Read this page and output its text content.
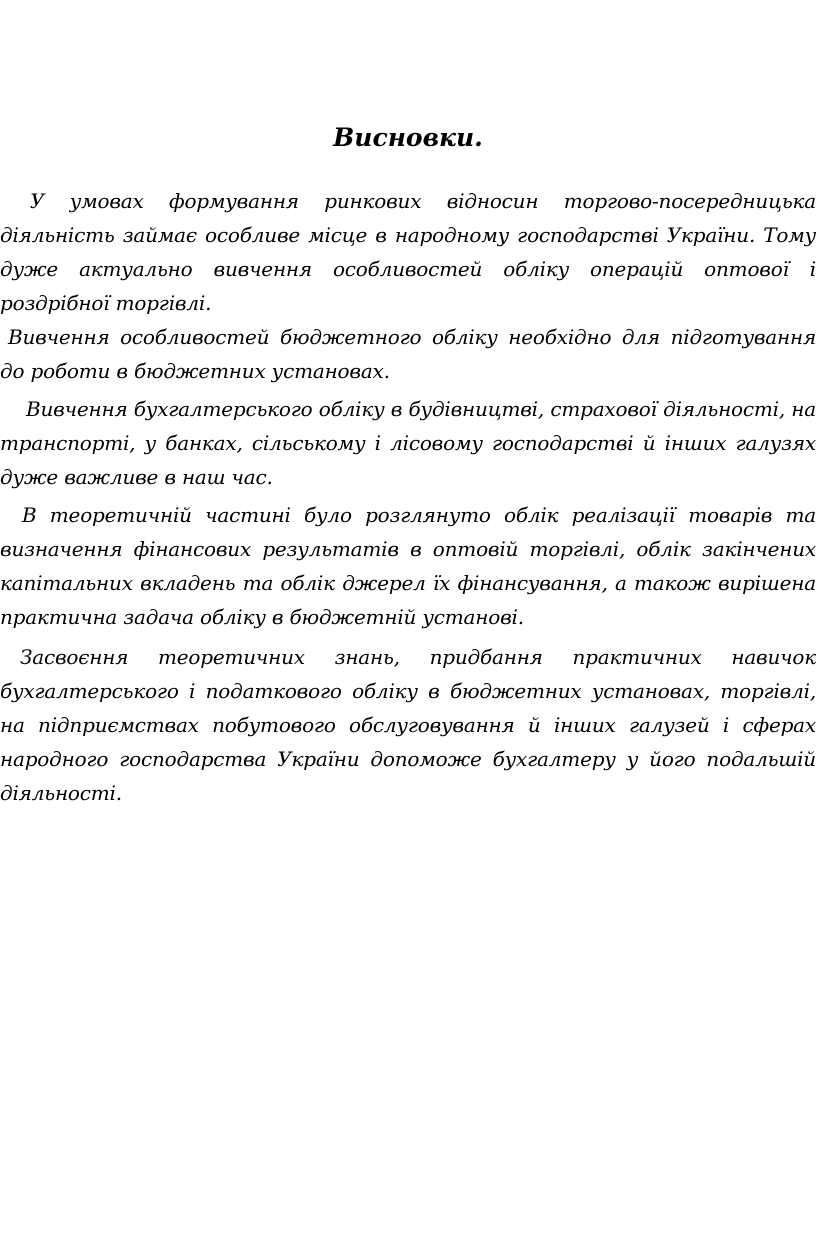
Висновки.

У умовах формування ринкових відносин торгово-посередницька діяльність займає особливе місце в народному господарстві України. Тому дуже актуально вивчення особливостей обліку операцій оптової і роздрібної торгівлі.

Вивчення особливостей бюджетного обліку необхідно для підготування до роботи в бюджетних установах.

Вивчення бухгалтерського обліку в будівництві, страхової діяльності, на транспорті, у банках, сільському і лісовому господарстві й інших галузях дуже важливе в наш час.

В теоретичній частині було розглянуто облік реалізації товарів та визначення фінансових результатів в оптовій торгівлі, облік закінчених капітальних вкладень та облік джерел їх фінансування, а також вирішена практична задача обліку в бюджетній установі.

Засвоєння теоретичних знань, придбання практичних навичок бухгалтерського і податкового обліку в бюджетних установах, торгівлі, на підприємствах побутового обслуговування й інших галузей і сферах народного господарства України допоможе бухгалтеру у його подальшій діяльності.
